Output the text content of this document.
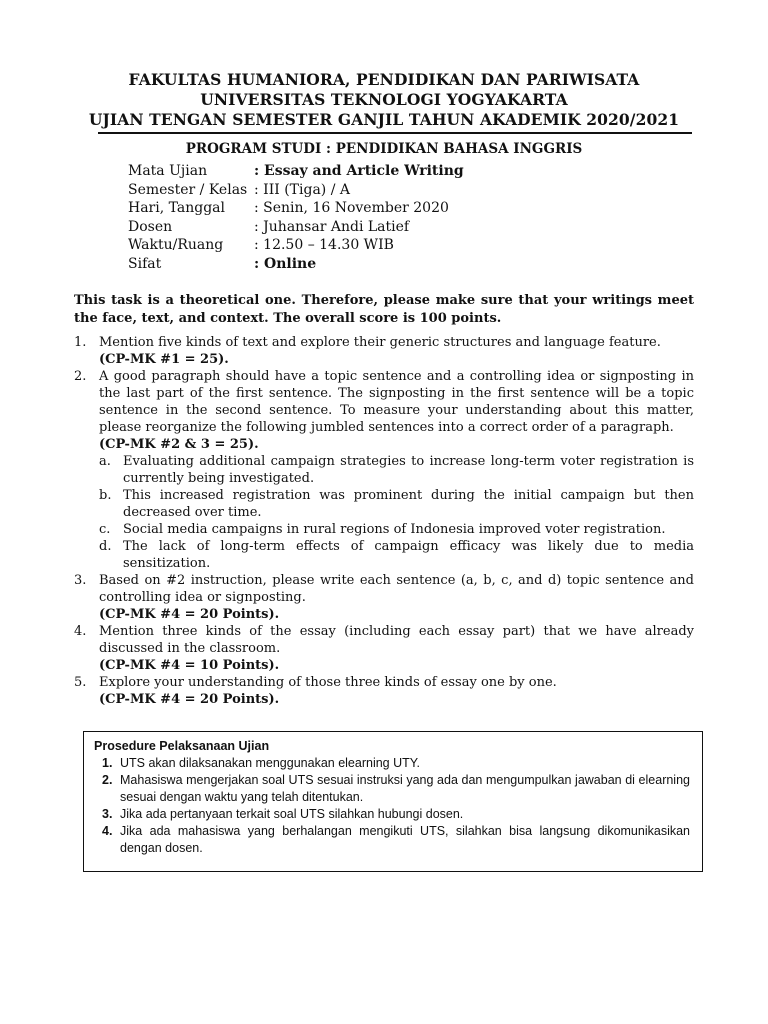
FAKULTAS HUMANIORA, PENDIDIKAN DAN PARIWISATA
UNIVERSITAS TEKNOLOGI YOGYAKARTA
UJIAN TENGAN SEMESTER GANJIL TAHUN AKADEMIK 2020/2021
PROGRAM STUDI : PENDIDIKAN BAHASA INGGRIS
Mata Ujian	: Essay and Article Writing
Semester / Kelas : III (Tiga) / A
Hari, Tanggal : Senin, 16 November 2020
Dosen	: Juhansar Andi Latief
Waktu/Ruang : 12.50 – 14.30 WIB
Sifat	: Online
This task is a theoretical one. Therefore, please make sure that your writings meet the face, text, and context. The overall score is 100 points.
1. Mention five kinds of text and explore their generic structures and language feature.
(CP-MK #1 = 25).
2. A good paragraph should have a topic sentence and a controlling idea or signposting in the last part of the first sentence. The signposting in the first sentence will be a topic sentence in the second sentence. To measure your understanding about this matter, please reorganize the following jumbled sentences into a correct order of a paragraph.
(CP-MK #2 & 3 = 25).
a. Evaluating additional campaign strategies to increase long-term voter registration is currently being investigated.
b. This increased registration was prominent during the initial campaign but then decreased over time.
c. Social media campaigns in rural regions of Indonesia improved voter registration.
d. The lack of long-term effects of campaign efficacy was likely due to media sensitization.
3. Based on #2 instruction, please write each sentence (a, b, c, and d) topic sentence and controlling idea or signposting.
(CP-MK #4 = 20 Points).
4. Mention three kinds of the essay (including each essay part) that we have already discussed in the classroom.
(CP-MK #4 = 10 Points).
5. Explore your understanding of those three kinds of essay one by one.
(CP-MK #4 = 20 Points).
Prosedure Pelaksanaan Ujian
1. UTS akan dilaksanakan menggunakan elearning UTY.
2. Mahasiswa mengerjakan soal UTS sesuai instruksi yang ada dan mengumpulkan jawaban di elearning sesuai dengan waktu yang telah ditentukan.
3. Jika ada pertanyaan terkait soal UTS silahkan hubungi dosen.
4. Jika ada mahasiswa yang berhalangan mengikuti UTS, silahkan bisa langsung dikomunikasikan dengan dosen.
